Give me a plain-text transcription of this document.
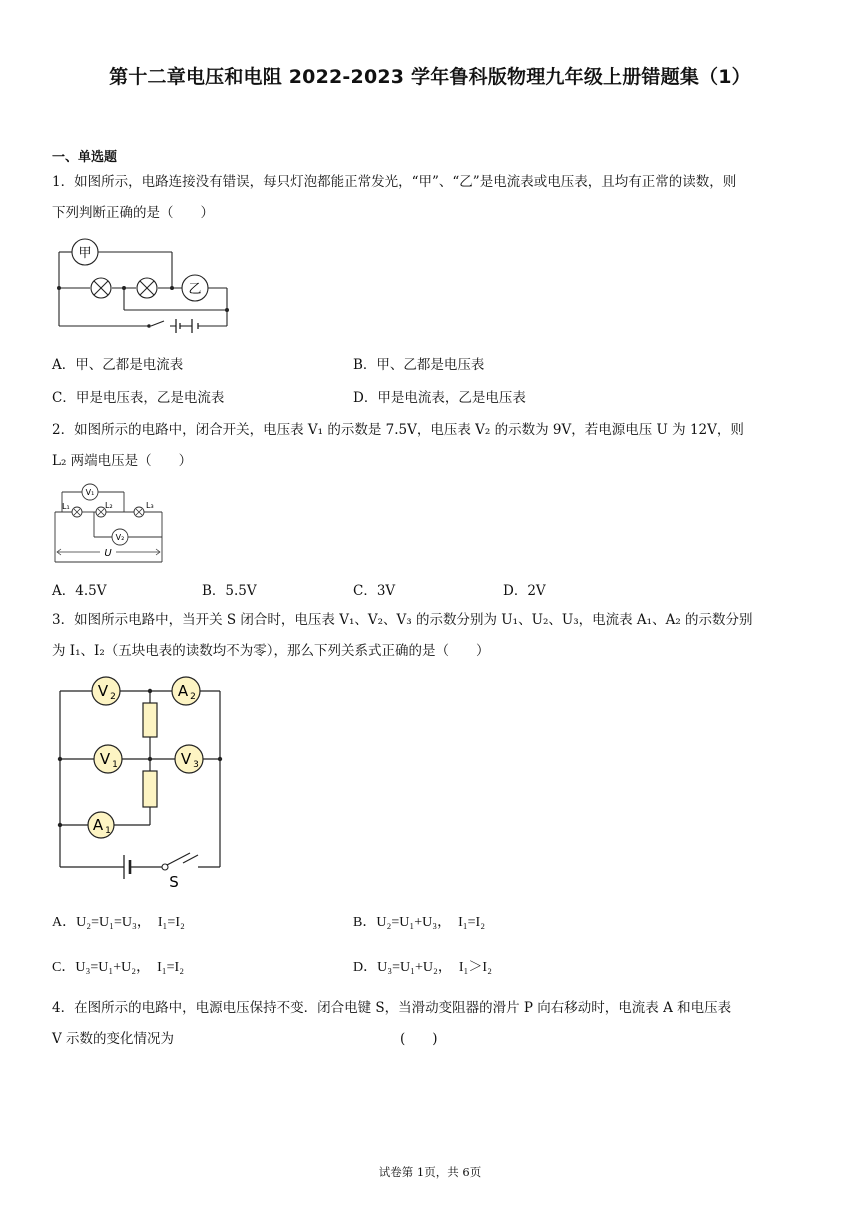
第十二章电压和电阻 2022-2023 学年鲁科版物理九年级上册错题集（1）
一、单选题
1．如图所示，电路连接没有错误，每只灯泡都能正常发光，“甲”、“乙”是电流表或电压表，且均有正常的读数，则
下列判断正确的是（　　）
甲
乙
A．甲、乙都是电流表	B．甲、乙都是电压表
C．甲是电压表，乙是电流表	D．甲是电流表，乙是电压表
2．如图所示的电路中，闭合开关，电压表 V₁ 的示数是 7.5V，电压表 V₂ 的示数为 9V，若电源电压 U 为 12V，则
L₂ 两端电压是（　　）
V₁
V₂
L₁	L₂	L₃
U
A．4.5V	B．5.5V	C．3V	D．2V
3．如图所示电路中，当开关 S 闭合时，电压表 V₁、V₂、V₃ 的示数分别为 U₁、U₂、U₃，电流表 A₁、A₂ 的示数分别
为 I₁、I₂（五块电表的读数均不为零），那么下列关系式正确的是（　　）
V 2	A 2
V 1	V 3
A 1
S
A．U₂=U₁=U₃，　I₁=I₂	B．U₂=U₁+U₃，　I₁=I₂
C．U₃=U₁+U₂，　I₁=I₂	D．U₃=U₁+U₂，　I₁＞I₂
4．在图所示的电路中，电源电压保持不变．闭合电键 S，当滑动变阻器的滑片 P 向右移动时，电流表 A 和电压表
V 示数的变化情况为	(　　)
试卷第 1页，共 6页
